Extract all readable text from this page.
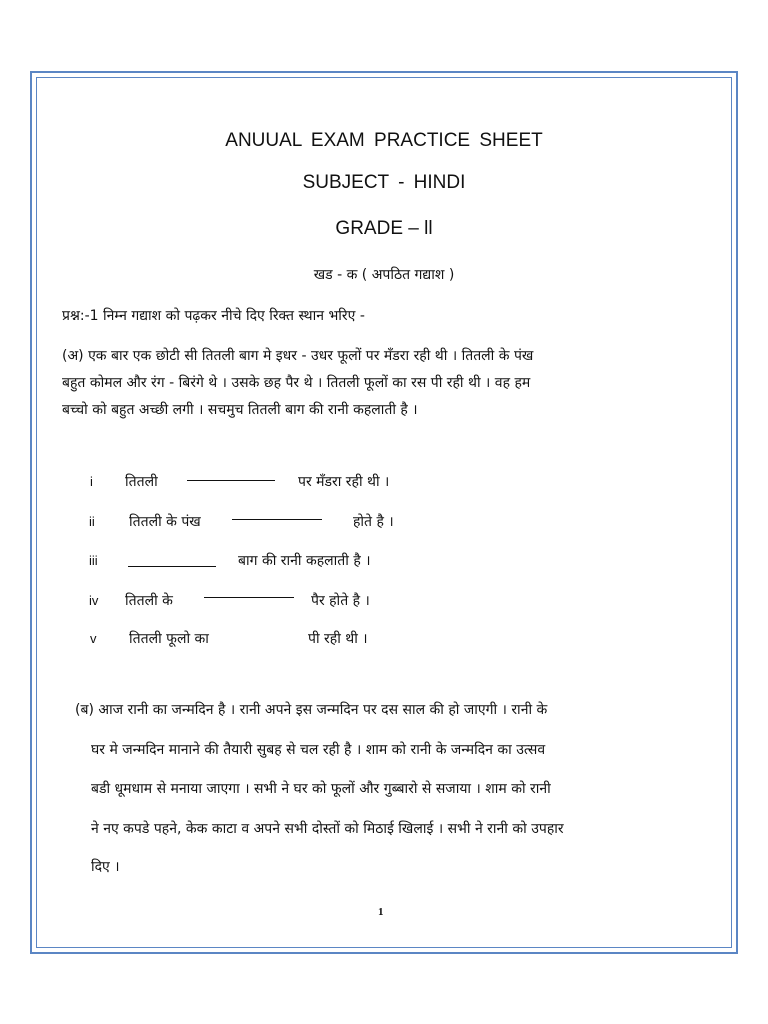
ANUUAL EXAM PRACTICE SHEET
SUBJECT - HINDI
GRADE – ll
खड - क ( अपठित गद्याश )
प्रश्न:-1 निम्न गद्याश को पढ़कर नीचे दिए रिक्त स्थान भरिए -
(अ) एक बार एक छोटी सी तितली बाग मे इधर - उधर फूलों पर मँडरा रही थी । तितली के पंख
बहुत कोमल और रंग - बिरंगे थे । उसके छह पैर थे । तितली फूलों का रस पी रही थी । वह हम
बच्चो को बहुत अच्छी लगी । सचमुच तितली बाग की रानी कहलाती है ।
i तितली	पर मँडरा रही थी ।
ii तितली के पंख	होते है ।
iii	बाग की रानी कहलाती है ।
iv तितली के	पैर होते है ।
v तितली फूलो का	पी रही थी ।
(ब) आज रानी का जन्मदिन है । रानी अपने इस जन्मदिन पर दस साल की हो जाएगी । रानी के
घर मे जन्मदिन मानाने की तैयारी सुबह से चल रही है । शाम को रानी के जन्मदिन का उत्सव
बडी धूमधाम से मनाया जाएगा । सभी ने घर को फूलों और गुब्बारो से सजाया । शाम को रानी
ने नए कपडे पहने, केक काटा व अपने सभी दोस्तों को मिठाई खिलाई । सभी ने रानी को उपहार
दिए ।
1
